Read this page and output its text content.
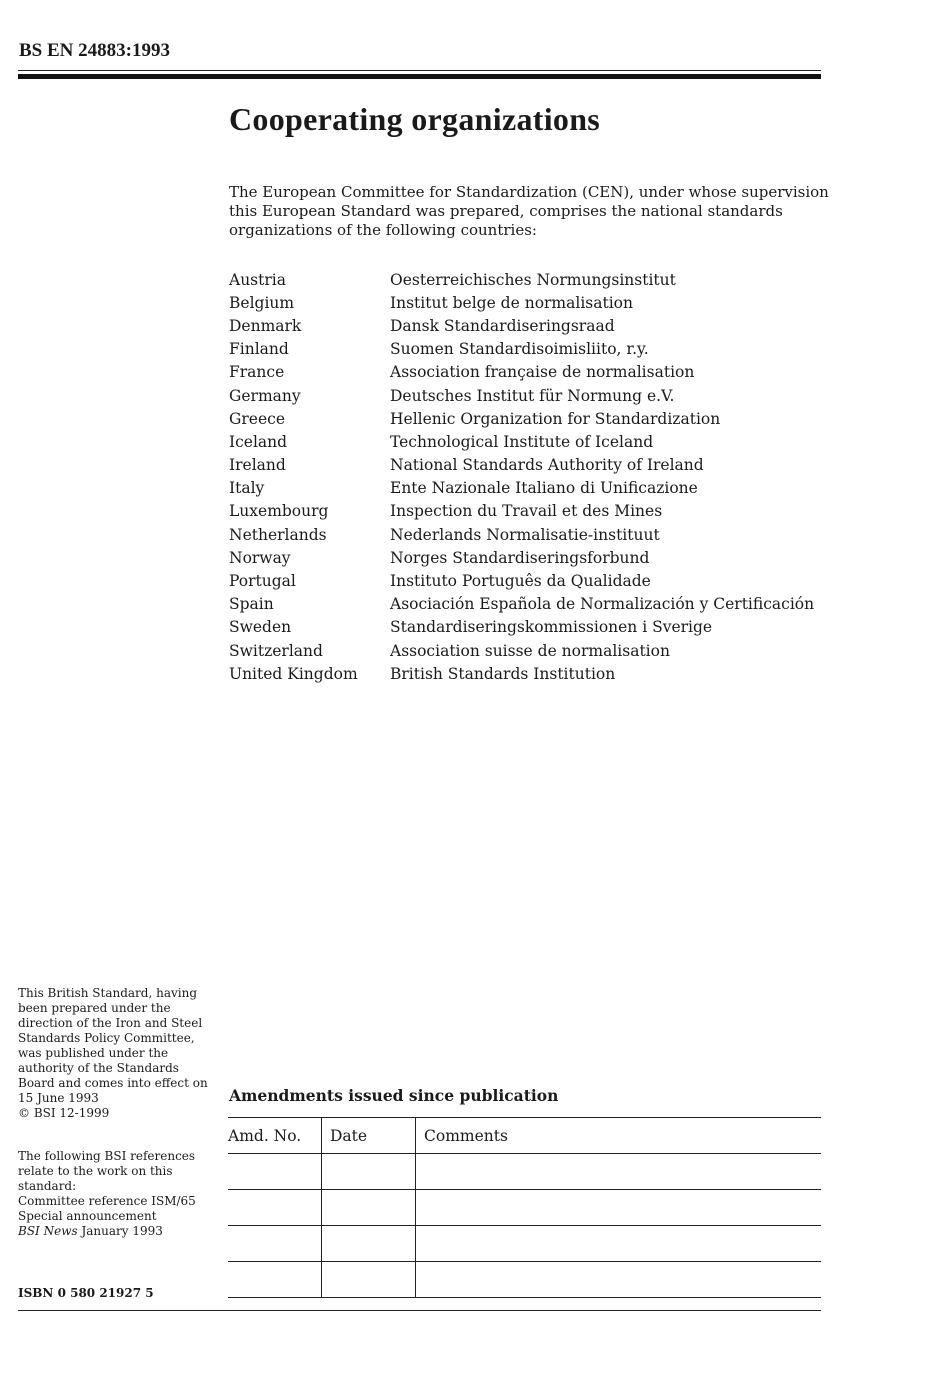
BS EN 24883:1993
Cooperating organizations
The European Committee for Standardization (CEN), under whose supervision this European Standard was prepared, comprises the national standards organizations of the following countries:
Austria	Oesterreichisches Normungsinstitut
Belgium	Institut belge de normalisation
Denmark	Dansk Standardiseringsraad
Finland	Suomen Standardisoimisliito, r.y.
France	Association française de normalisation
Germany	Deutsches Institut für Normung e.V.
Greece	Hellenic Organization for Standardization
Iceland	Technological Institute of Iceland
Ireland	National Standards Authority of Ireland
Italy	Ente Nazionale Italiano di Unificazione
Luxembourg	Inspection du Travail et des Mines
Netherlands	Nederlands Normalisatie-instituut
Norway	Norges Standardiseringsforbund
Portugal	Instituto Português da Qualidade
Spain	Asociación Española de Normalización y Certificación
Sweden	Standardiseringskommissionen i Sverige
Switzerland	Association suisse de normalisation
United Kingdom	British Standards Institution

This British Standard, having been prepared under the direction of the Iron and Steel Standards Policy Committee, was published under the authority of the Standards Board and comes into effect on 15 June 1993

© BSI 12-1999

The following BSI references relate to the work on this standard:

Committee reference ISM/65

Special announcement

BSI News January 1993

ISBN 0 580 21927 5
Amendments issued since publication
Amd. No.	Date	Comments
